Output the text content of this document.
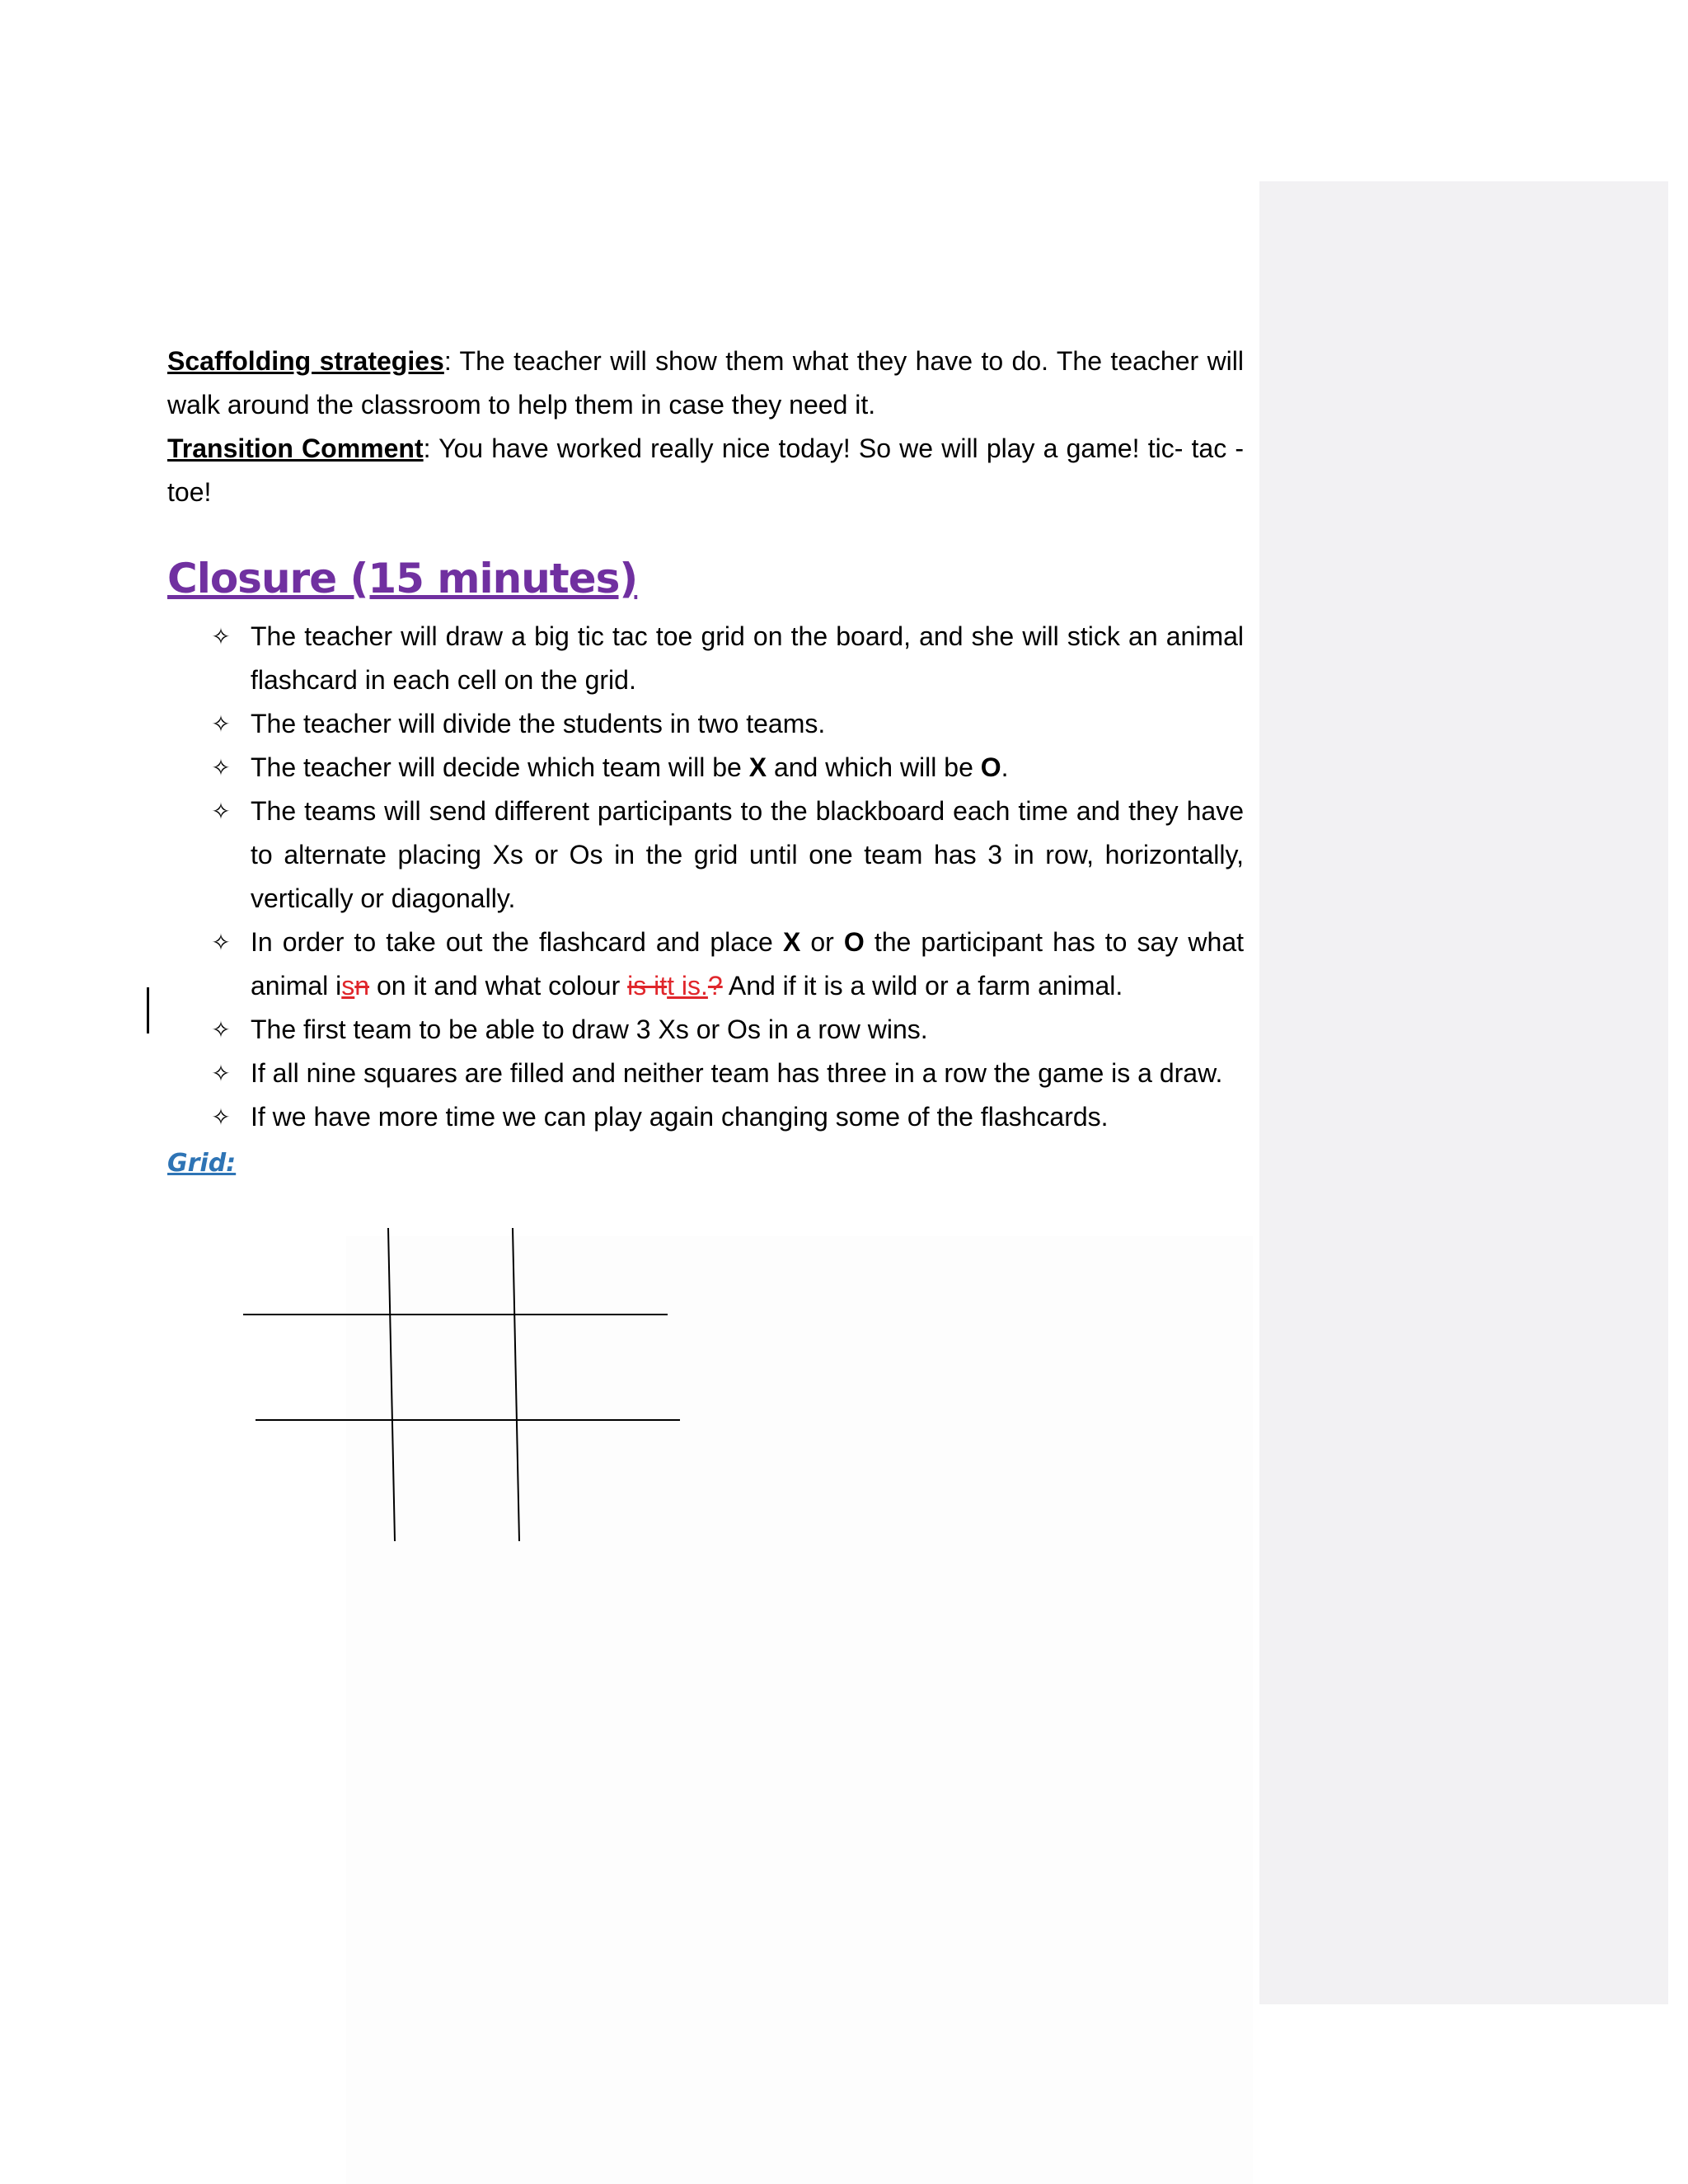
Scaffolding strategies: The teacher will show them what they have to do. The teacher will walk around the classroom to help them in case they need it.

Transition Comment: You have worked really nice today! So we will play a game! tic- tac - toe!

Closure (15 minutes)
✧ The teacher will draw a big tic tac toe grid on the board, and she will stick an animal flashcard in each cell on the grid.
✧ The teacher will divide the students in two teams.
✧ The teacher will decide which team will be X and which will be O.
✧ The teams will send different participants to the blackboard each time and they have to alternate placing Xs or Os in the grid until one team has 3 in row, horizontally, vertically or diagonally.
✧ In order to take out the flashcard and place X or O the participant has to say what animal isn on it and what colour is itt is.? And if it is a wild or a farm animal.
✧ The first team to be able to draw 3 Xs or Os in a row wins.
✧ If all nine squares are filled and neither team has three in a row the game is a draw.
✧ If we have more time we can play again changing some of the flashcards.

Grid:
